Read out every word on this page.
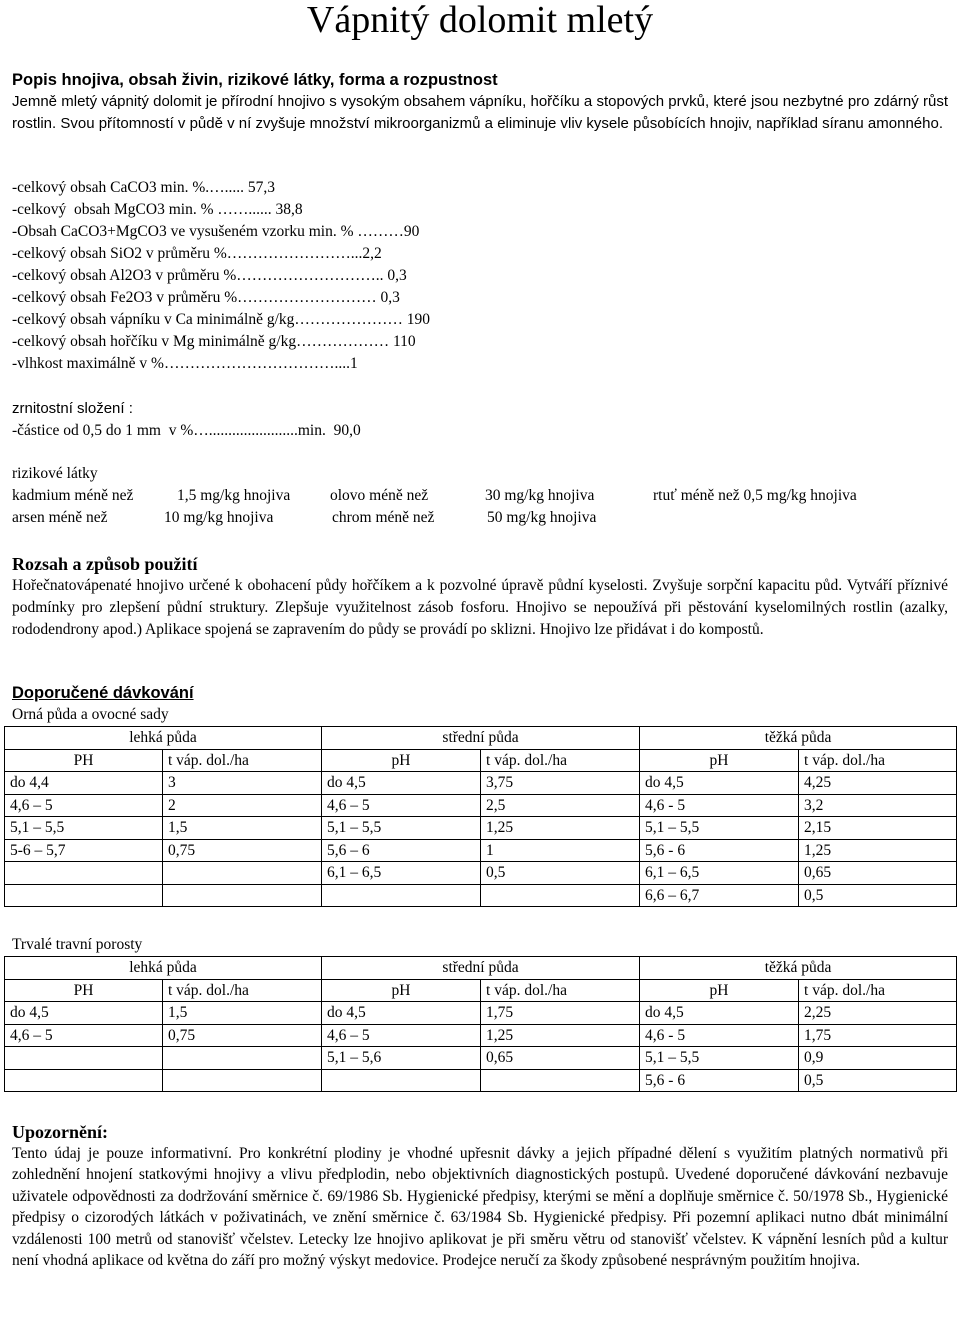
Vápnitý dolomit mletý
Popis hnojiva, obsah živin, rizikové látky, forma a rozpustnost

Jemně mletý vápnitý dolomit je přírodní hnojivo s vysokým obsahem vápníku, hořčíku a stopových prvků, které jsou nezbytné pro zdárný růst rostlin. Svou přítomností v půdě v ní zvyšuje množství mikroorganizmů a eliminuje vliv kysele působících hnojiv, například síranu amonného.

-celkový obsah CaCO3 min. %.…..... 57,3
-celkový  obsah MgCO3 min. % ……...... 38,8
-Obsah CaCO3+MgCO3 ve vysušeném vzorku min. % ………90
-celkový obsah SiO2 v průměru %……………………...2,2
-celkový obsah Al2O3 v průměru %……………………….. 0,3
-celkový obsah Fe2O3 v průměru %……………………… 0,3
-celkový obsah vápníku v Ca minimálně g/kg………………… 190
-celkový obsah hořčíku v Mg minimálně g/kg……………… 110
-vlhkost maximálně v %……………………………....1
zrnitostní složení :
-částice od 0,5 do 1 mm  v %….......................min.  90,0
rizikové látky
kadmium méně než	1,5 mg/kg hnojiva	olovo méně než	30 mg/kg hnojiva	rtuť méně než 0,5 mg/kg hnojiva
arsen méně než	10 mg/kg hnojiva	chrom méně než	50 mg/kg hnojiva
Rozsah a způsob použití

Hořečnatovápenaté hnojivo určené k obohacení půdy hořčíkem a k pozvolné úpravě půdní kyselosti. Zvyšuje sorpční kapacitu půd. Vytváří příznivé podmínky pro zlepšení půdní struktury. Zlepšuje využitelnost zásob fosforu. Hnojivo se nepoužívá při pěstování kyselomilných rostlin (azalky, rododendrony apod.) Aplikace spojená se zapravením do půdy se provádí po sklizni. Hnojivo lze přidávat i do kompostů.

Doporučené dávkování
Orná půda a ovocné sady
lehká půda		střední půda		těžká půda	
PH	t váp. dol./ha	pH	t váp. dol./ha	pH	t váp. dol./ha
do 4,4	3	do 4,5	3,75	do 4,5	4,25
4,6 – 5	2	4,6 – 5	2,5	4,6 - 5	3,2
5,1 – 5,5	1,5	5,1 – 5,5	1,25	5,1 – 5,5	2,15
5-6 – 5,7	0,75	5,6 – 6	1	5,6 - 6	1,25
		6,1 – 6,5	0,5	6,1 – 6,5	0,65
				6,6 – 6,7	0,5
Trvalé travní porosty
lehká půda		střední půda		těžká půda	
PH	t váp. dol./ha	pH	t váp. dol./ha	pH	t váp. dol./ha
do 4,5	1,5	do 4,5	1,75	do 4,5	2,25
4,6 – 5	0,75	4,6 – 5	1,25	4,6 - 5	1,75
		5,1 – 5,6	0,65	5,1 – 5,5	0,9
				5,6 - 6	0,5
Upozornění:

Tento údaj je pouze informativní. Pro konkrétní plodiny je vhodné upřesnit dávky a jejich případné dělení s využitím platných normativů při zohlednění hnojení statkovými hnojivy a vlivu předplodin, nebo objektivních diagnostických postupů. Uvedené doporučené dávkování nezbavuje uživatele odpovědnosti za dodržování směrnice č. 69/1986 Sb. Hygienické předpisy, kterými se mění a doplňuje směrnice č. 50/1978 Sb., Hygienické předpisy o cizorodých látkách v poživatinách, ve znění směrnice č. 63/1984 Sb. Hygienické předpisy. Při pozemní aplikaci nutno dbát minimální vzdálenosti 100 metrů od stanovišť včelstev. Letecky lze hnojivo aplikovat je při směru větru od stanovišť včelstev. K vápnění lesních půd a kultur není vhodná aplikace od května do září pro možný výskyt medovice. Prodejce neručí za škody způsobené nesprávným použitím hnojiva.
